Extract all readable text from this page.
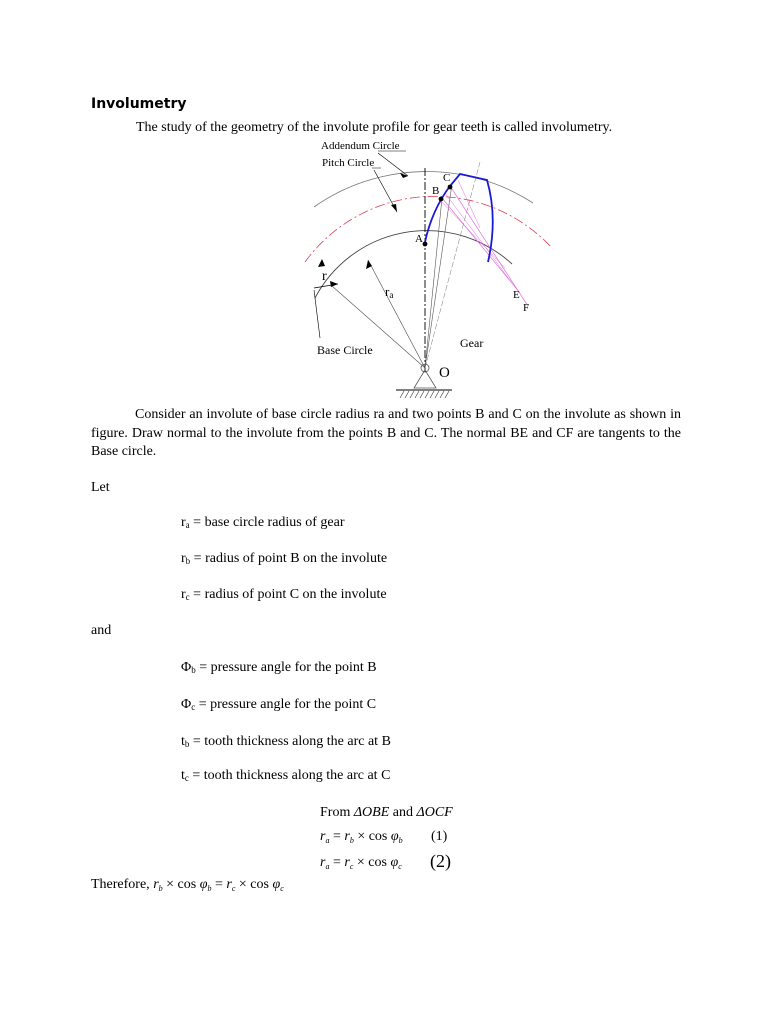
Involumetry
The study of the geometry of the involute profile for gear teeth is called involumetry.
Addendum Circle
Pitch Circle
C
B
A
E
F
r
ra
Base Circle	Gear
O
Consider an involute of base circle radius ra and two points B and C on the involute as shown in figure. Draw normal to the involute from the points B and C. The normal BE and CF are tangents to the Base circle.
Let
$r_a$ = base circle radius of gear
$r_b$ = radius of point B on the involute
$r_c$ = radius of point C on the involute
and
$\Phi_b$ = pressure angle for the point B
$\Phi_c$ = pressure angle for the point C
$t_b$ = tooth thickness along the arc at B
$t_c$ = tooth thickness along the arc at C
From ΔOBE and ΔOCF
$r_a = r_b \times \cos \varphi_b$ (1)
$r_a = r_c \times \cos \varphi_c$ (2)
Therefore, $r_b \times \cos \varphi_b = r_c \times \cos \varphi_c$
